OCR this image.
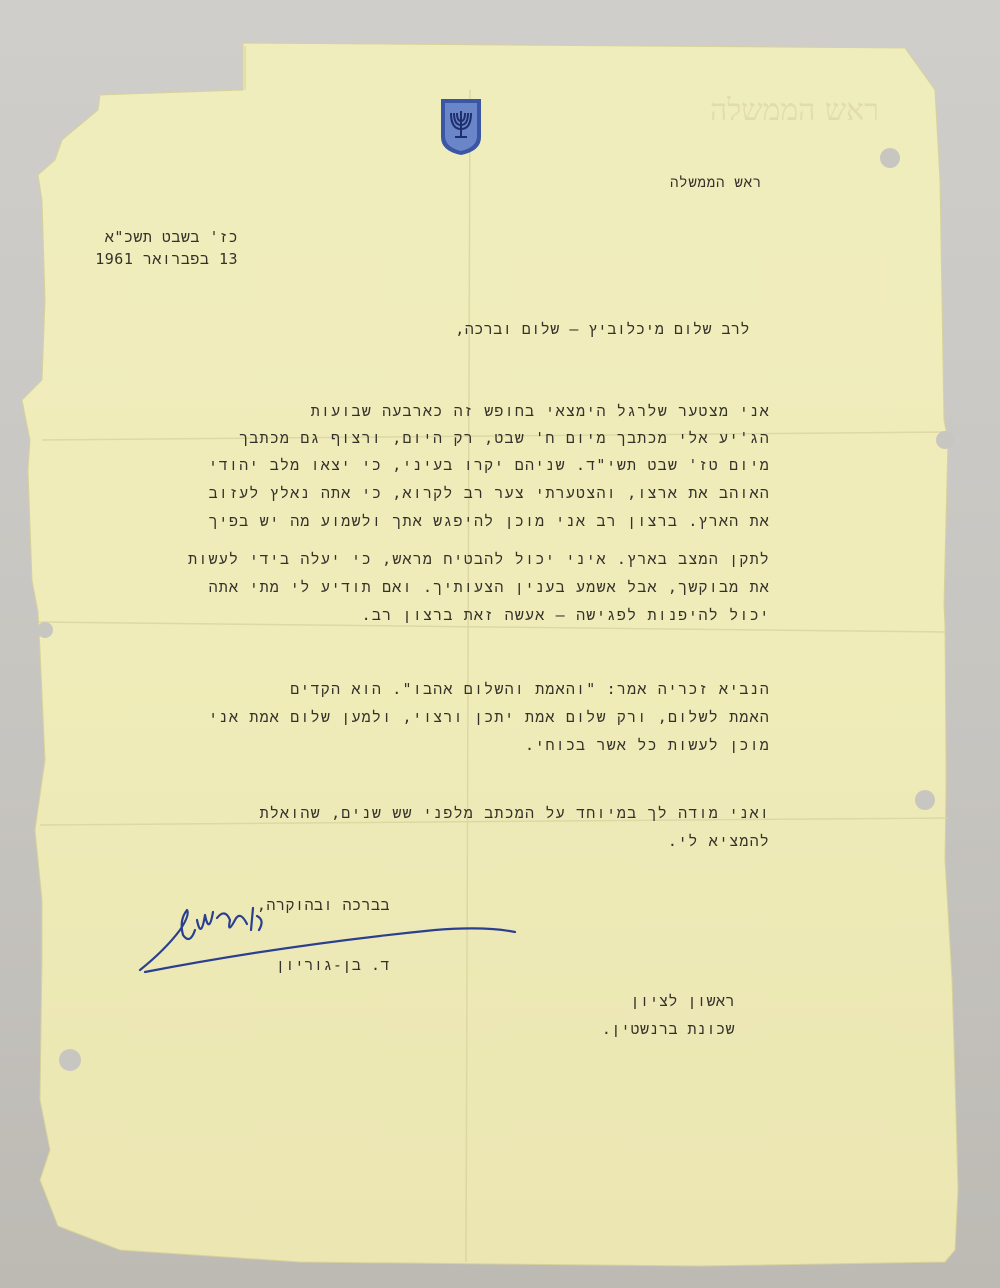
ראש הממשלה
ראש הממשלה
כז' בשבט תשכ"א
13 בפברואר 1961
לרב שלום מיכלוביץ – שלום וברכה,
אני מצטער שלרגל הימצאי בחופש זה כארבעה שבועות
הג'יע אלי מכתבך מיום ח' שבט, רק היום, ורצוף גם מכתבך
מיום טז' שבט תשי"ד. שניהם יקרו בעיני, כי יצאו מלב יהודי
האוהב את ארצו, והצטערתי צער רב לקרוא, כי אתה נאלץ לעזוב
את הארץ. ברצון רב אני מוכן להיפגש אתך ולשמוע מה יש בפיך
לתקן המצב בארץ. איני יכול להבטיח מראש, כי יעלה בידי לעשות
את מבוקשך, אבל אשמע בענין הצעותיך. ואם תודיע לי מתי אתה
יכול להיפנות לפגישה – אעשה זאת ברצון רב.
הנביא זכריה אמר: "והאמת והשלום אהבו". הוא הקדים
האמת לשלום, ורק שלום אמת יתכן ורצוי, ולמען שלום אמת אני
מוכן לעשות כל אשר בכוחי.
ואני מודה לך במיוחד על המכתב מלפני שש שנים, שהואלת
להמציא לי.
בברכה ובהוקרה,
ד. בן-גוריון
ראשון לציון
שכונת ברנשטין.
